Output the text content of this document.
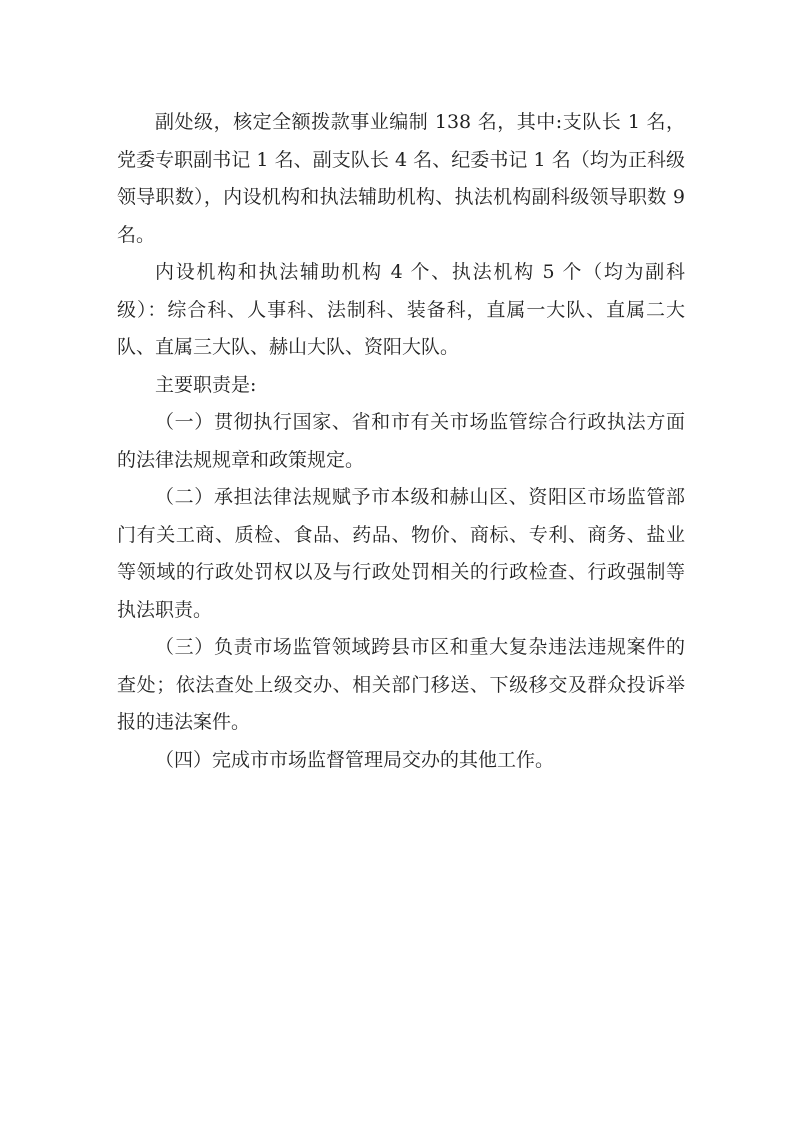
副处级，核定全额拨款事业编制 138 名，其中:支队长 1 名，党委专职副书记 1 名、副支队长 4 名、纪委书记 1 名（均为正科级领导职数），内设机构和执法辅助机构、执法机构副科级领导职数 9 名。

内设机构和执法辅助机构 4 个、执法机构 5 个（均为副科级）：综合科、人事科、法制科、装备科，直属一大队、直属二大队、直属三大队、赫山大队、资阳大队。

主要职责是:

（一）贯彻执行国家、省和市有关市场监管综合行政执法方面的法律法规规章和政策规定。

（二）承担法律法规赋予市本级和赫山区、资阳区市场监管部门有关工商、质检、食品、药品、物价、商标、专利、商务、盐业等领域的行政处罚权以及与行政处罚相关的行政检查、行政强制等执法职责。

（三）负责市场监管领域跨县市区和重大复杂违法违规案件的查处；依法查处上级交办、相关部门移送、下级移交及群众投诉举报的违法案件。

（四）完成市市场监督管理局交办的其他工作。
